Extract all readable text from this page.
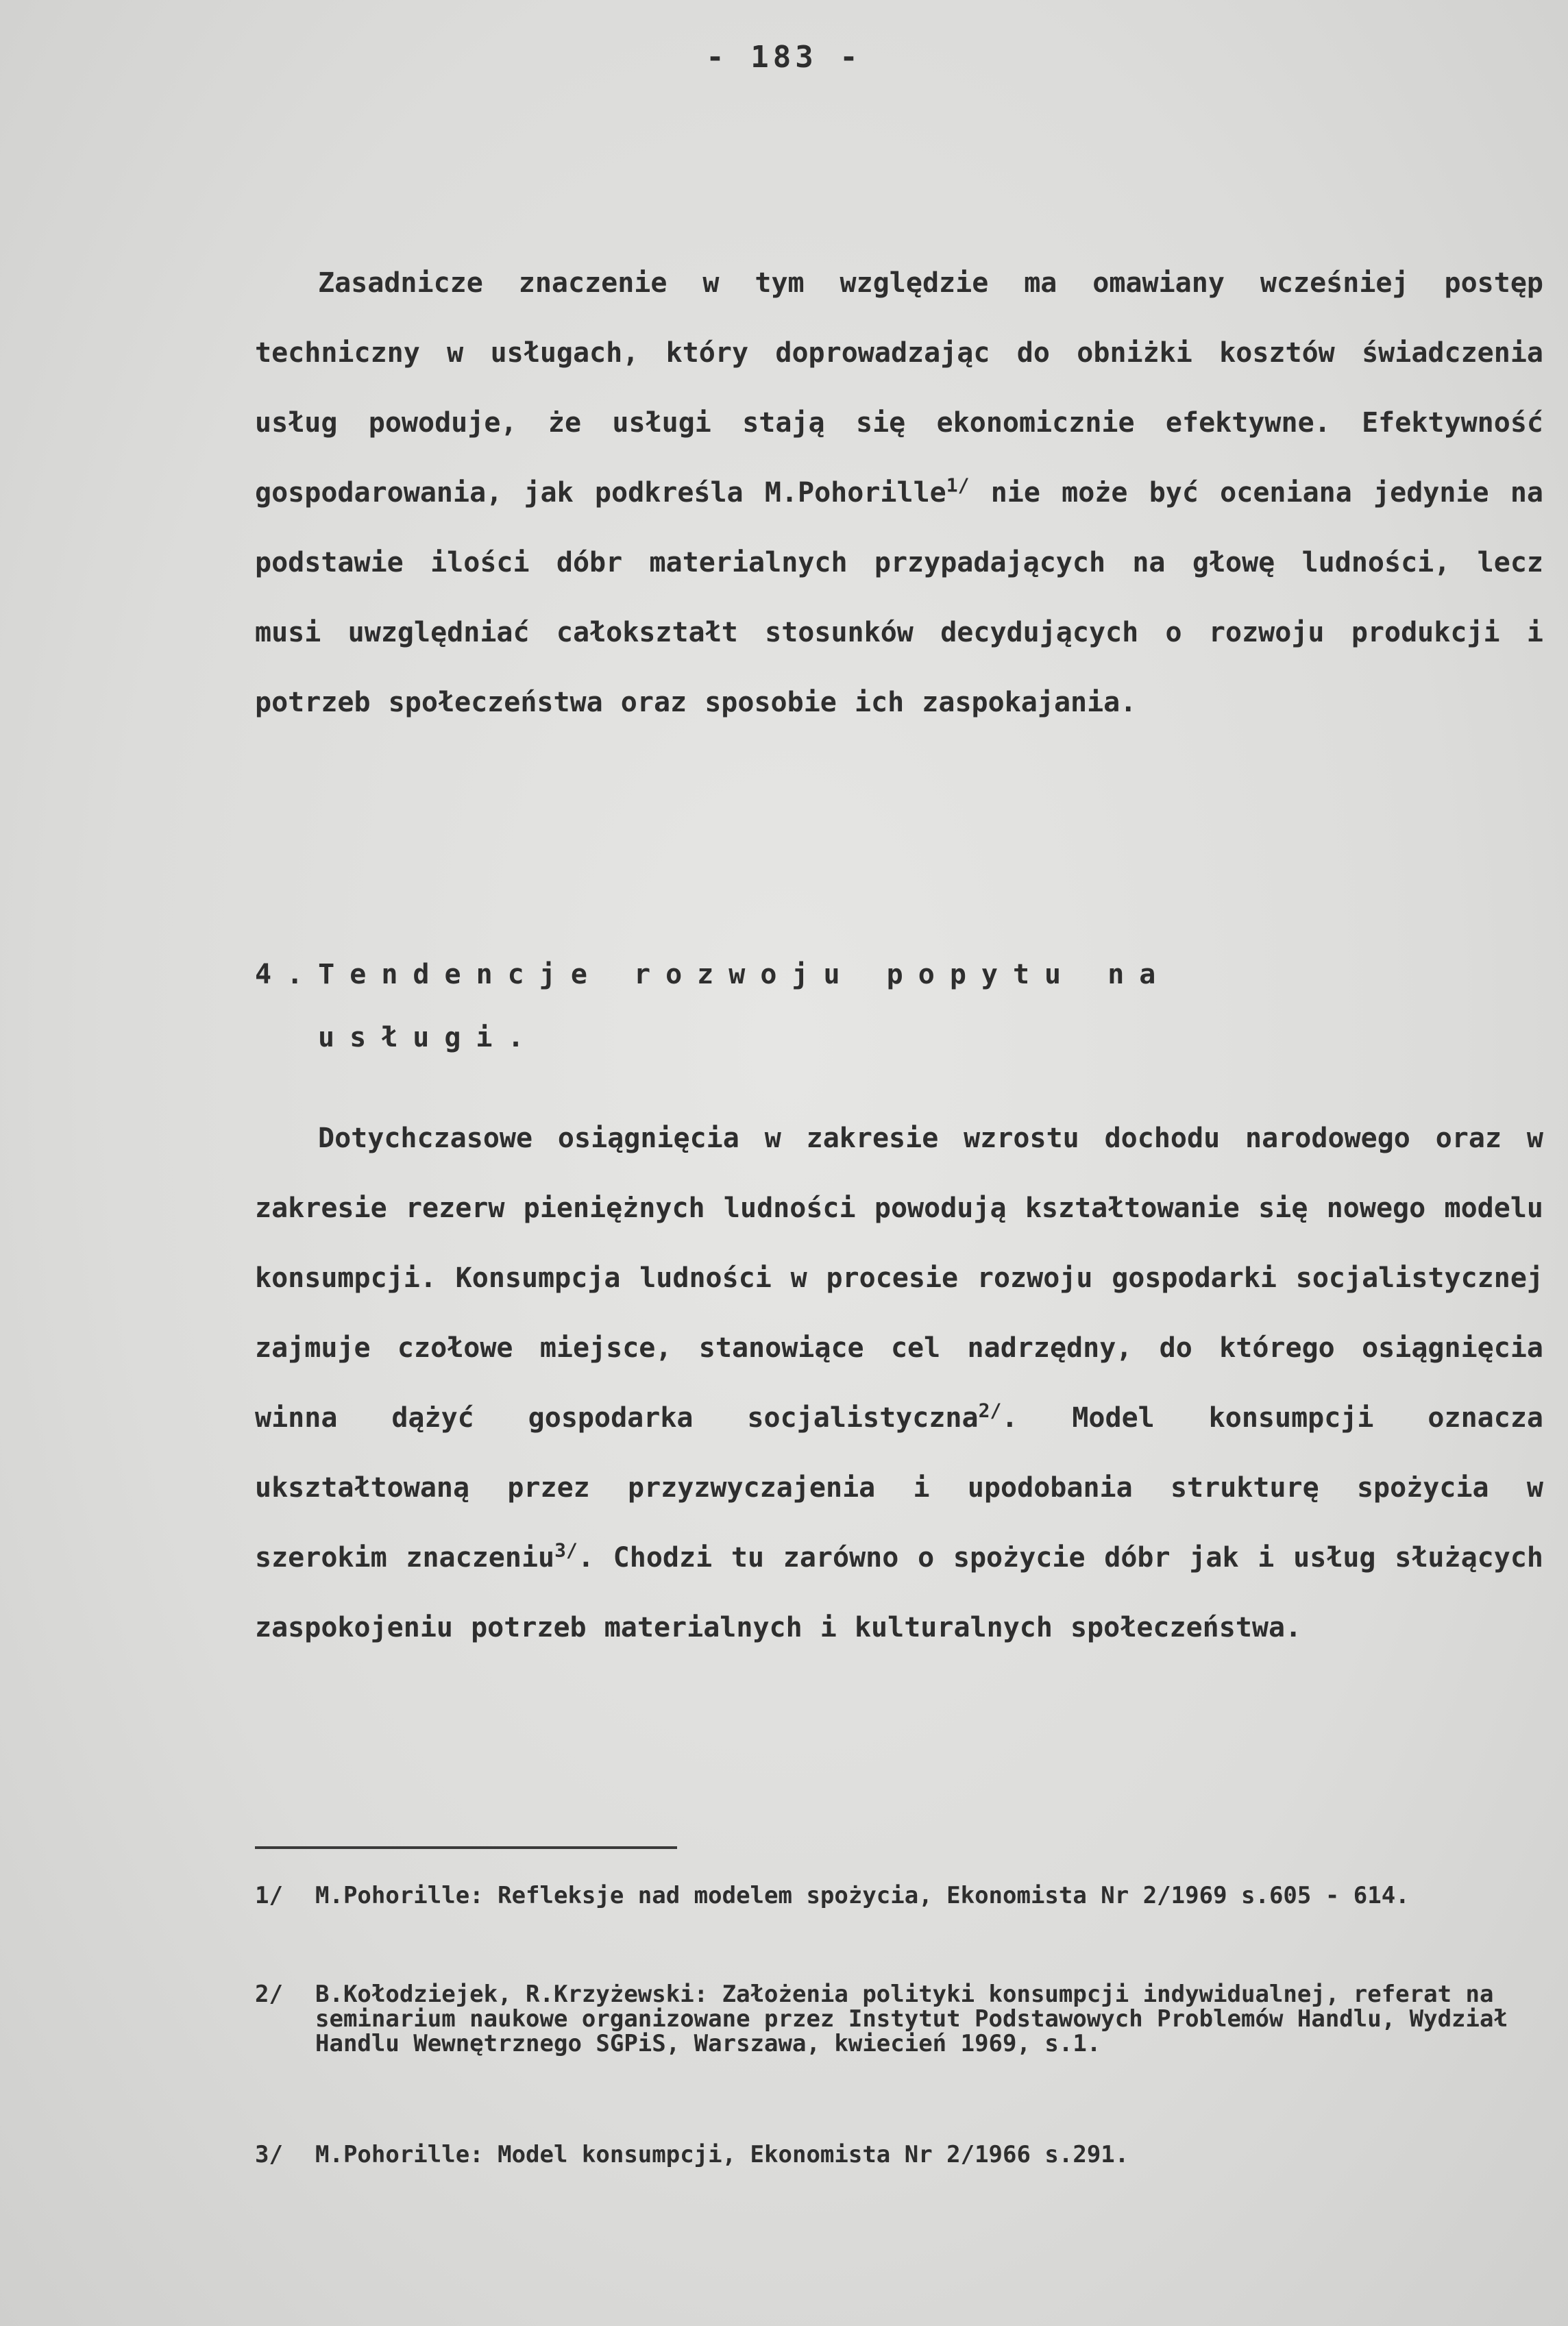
- 183 -
Zasadnicze znaczenie w tym względzie ma omawiany wcześniej postęp techniczny w usługach, który doprowadzając do obniżki kosztów świadczenia usług powoduje, że usługi stają się ekonomicznie efektywne. Efektywność gospodarowania, jak podkreśla M.Pohorille$^{1/}$ nie może być oceniana jedynie na podstawie ilości dóbr materialnych przypadających na głowę ludności, lecz musi uwzględniać całokształt stosunków decydujących o rozwoju produkcji i potrzeb społeczeństwa oraz sposobie ich zaspokajania.
4.Tendencje rozwoju popytu na
usługi.
Dotychczasowe osiągnięcia w zakresie wzrostu dochodu narodowego oraz w zakresie rezerw pieniężnych ludności powodują kształtowanie się nowego modelu konsumpcji. Konsumpcja ludności w procesie rozwoju gospodarki socjalistycznej zajmuje czołowe miejsce, stanowiące cel nadrzędny, do którego osiągnięcia winna dążyć gospodarka socjalistyczna$^{2/}$. Model konsumpcji oznacza ukształtowaną przez przyzwyczajenia i upodobania strukturę spożycia w szerokim znaczeniu$^{3/}$. Chodzi tu zarówno o spożycie dóbr jak i usług służących zaspokojeniu potrzeb materialnych i kulturalnych społeczeństwa.
1/	M.Pohorille: Refleksje nad modelem spożycia, Ekonomista Nr 2/1969 s.605 - 614.
2/	B.Kołodziejek, R.Krzyżewski: Założenia polityki konsumpcji indywidualnej, referat na seminarium naukowe organizowane przez Instytut Podstawowych Problemów Handlu, Wydział Handlu Wewnętrznego SGPiS, Warszawa, kwiecień 1969, s.1.
3/	M.Pohorille: Model konsumpcji, Ekonomista Nr 2/1966 s.291.
